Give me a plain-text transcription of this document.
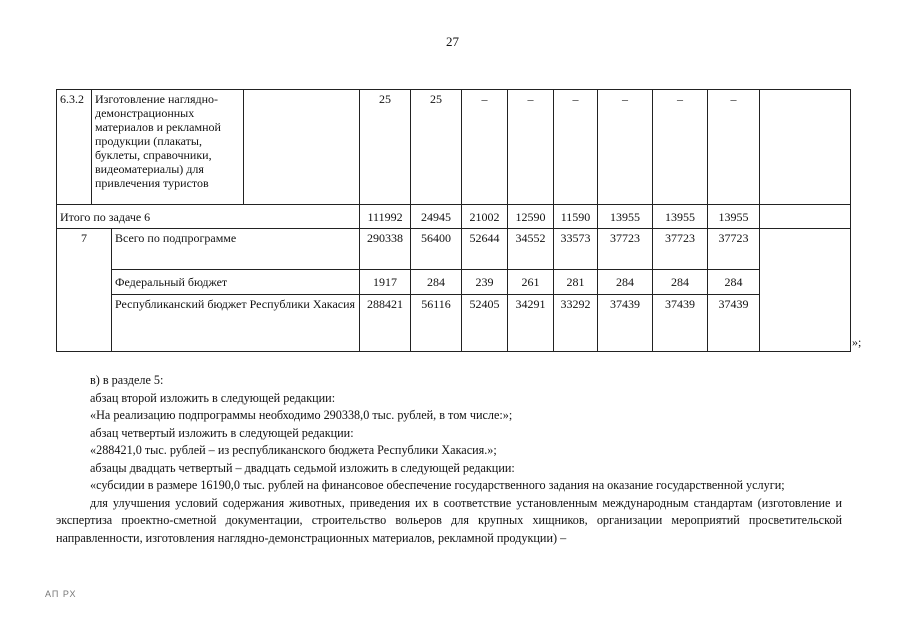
27
6.3.2	Изготовление наглядно-демонстрационных материалов и рекламной продукции (плакаты, буклеты, справочники, видеоматериалы) для привлечения туристов			25	25	–	–	–	–	–	–	
Итого по задаче 6				111992	24945	21002	12590	11590	13955	13955	13955	
7		Всего по подпрограмме		290338	56400	52644	34552	33573	37723	37723	37723	
		Федеральный бюджет		1917	284	239	261	281	284	284	284	
		Республиканский бюджет Республики Хакасия		288421	56116	52405	34291	33292	37439	37439	37439	
»;

в) в разделе 5:

абзац второй изложить в следующей редакции:

«На реализацию подпрограммы необходимо 290338,0 тыс. рублей, в том числе:»;

абзац четвертый изложить в следующей редакции:

«288421,0 тыс. рублей – из республиканского бюджета Республики Хакасия.»;

абзацы двадцать четвертый – двадцать седьмой изложить в следующей редакции:

«субсидии в размере 16190,0 тыс. рублей на финансовое обеспечение государственного задания на оказание государственной услуги;

для улучшения условий содержания животных, приведения их в соответствие установленным международным стандартам (изготовление и экспертиза проектно-сметной документации, строительство вольеров для крупных хищников, организации мероприятий просветительской направленности, изготовления наглядно-демонстрационных материалов, рекламной продукции) –

АП РХ
